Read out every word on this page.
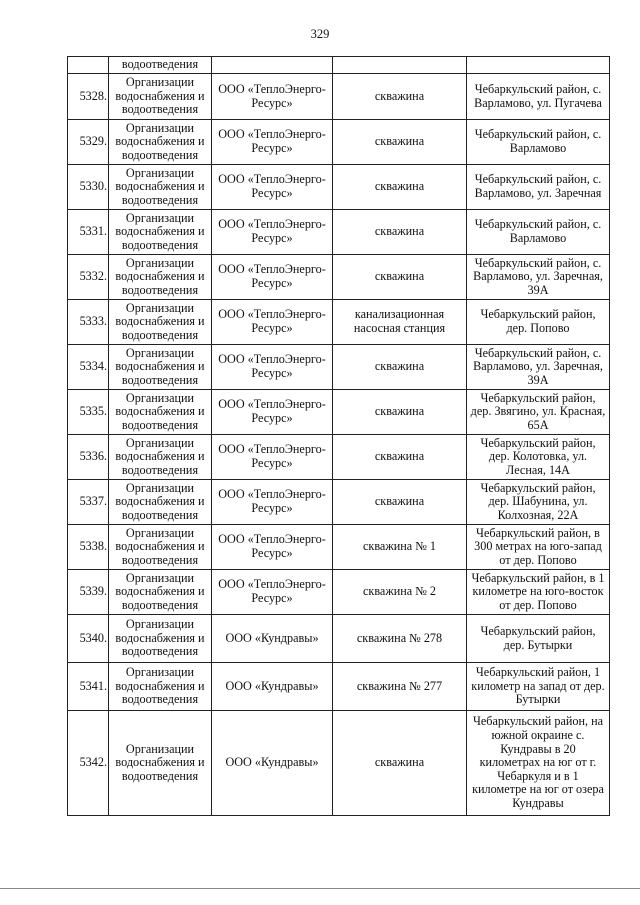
329
	водоотведения			
5328.	Организации водоснабжения и водоотведения	ООО «ТеплоЭнерго-Ресурс»	скважина	Чебаркульский район, с. Варламово, ул. Пугачева
5329.	Организации водоснабжения и водоотведения	ООО «ТеплоЭнерго-Ресурс»	скважина	Чебаркульский район, с. Варламово
5330.	Организации водоснабжения и водоотведения	ООО «ТеплоЭнерго-Ресурс»	скважина	Чебаркульский район, с. Варламово, ул. Заречная
5331.	Организации водоснабжения и водоотведения	ООО «ТеплоЭнерго-Ресурс»	скважина	Чебаркульский район, с. Варламово
5332.	Организации водоснабжения и водоотведения	ООО «ТеплоЭнерго-Ресурс»	скважина	Чебаркульский район, с. Варламово, ул. Заречная, 39А
5333.	Организации водоснабжения и водоотведения	ООО «ТеплоЭнерго-Ресурс»	канализационная насосная станция	Чебаркульский район, дер. Попово
5334.	Организации водоснабжения и водоотведения	ООО «ТеплоЭнерго-Ресурс»	скважина	Чебаркульский район, с. Варламово, ул. Заречная, 39А
5335.	Организации водоснабжения и водоотведения	ООО «ТеплоЭнерго-Ресурс»	скважина	Чебаркульский район, дер. Звягино, ул. Красная, 65А
5336.	Организации водоснабжения и водоотведения	ООО «ТеплоЭнерго-Ресурс»	скважина	Чебаркульский район, дер. Колотовка, ул. Лесная, 14А
5337.	Организации водоснабжения и водоотведения	ООО «ТеплоЭнерго-Ресурс»	скважина	Чебаркульский район, дер. Шабунина, ул. Колхозная, 22А
5338.	Организации водоснабжения и водоотведения	ООО «ТеплоЭнерго-Ресурс»	скважина № 1	Чебаркульский район, в 300 метрах на юго-запад от дер. Попово
5339.	Организации водоснабжения и водоотведения	ООО «ТеплоЭнерго-Ресурс»	скважина № 2	Чебаркульский район, в 1 километре на юго-восток от дер. Попово
5340.	Организации водоснабжения и водоотведения	ООО «Кундравы»	скважина № 278	Чебаркульский район, дер. Бутырки
5341.	Организации водоснабжения и водоотведения	ООО «Кундравы»	скважина № 277	Чебаркульский район, 1 километр на запад от дер. Бутырки
5342.	Организации водоснабжения и водоотведения	ООО «Кундравы»	скважина	Чебаркульский район, на южной окраине с. Кундравы в 20 километрах на юг от г. Чебаркуля и в 1 километре на юг от озера Кундравы
